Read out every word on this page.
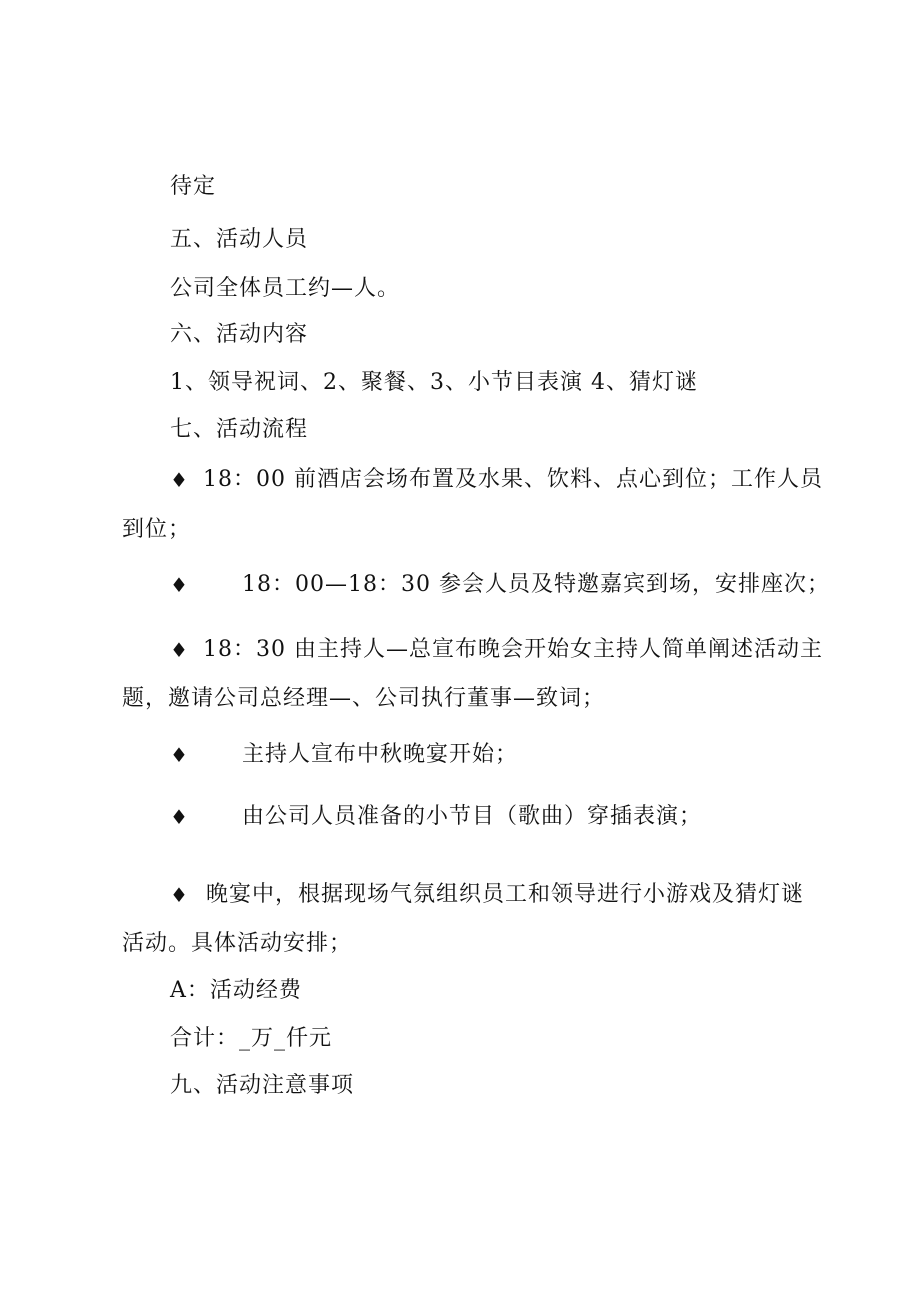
待定
五、活动人员
公司全体员工约—人。
六、活动内容
1、领导祝词、2、聚餐、3、小节目表演 4、猜灯谜
七、活动流程
♦ 18：00 前酒店会场布置及水果、饮料、点心到位；工作人员
到位；
♦ 18：00—18：30 参会人员及特邀嘉宾到场，安排座次；
♦ 18：30 由主持人—总宣布晚会开始女主持人简单阐述活动主
题，邀请公司总经理—、公司执行董事—致词；
♦ 主持人宣布中秋晚宴开始；
♦ 由公司人员准备的小节目（歌曲）穿插表演；
♦ 晚宴中，根据现场气氛组织员工和领导进行小游戏及猜灯谜
活动。具体活动安排；
A：活动经费
合计：_万_仟元
九、活动注意事项
